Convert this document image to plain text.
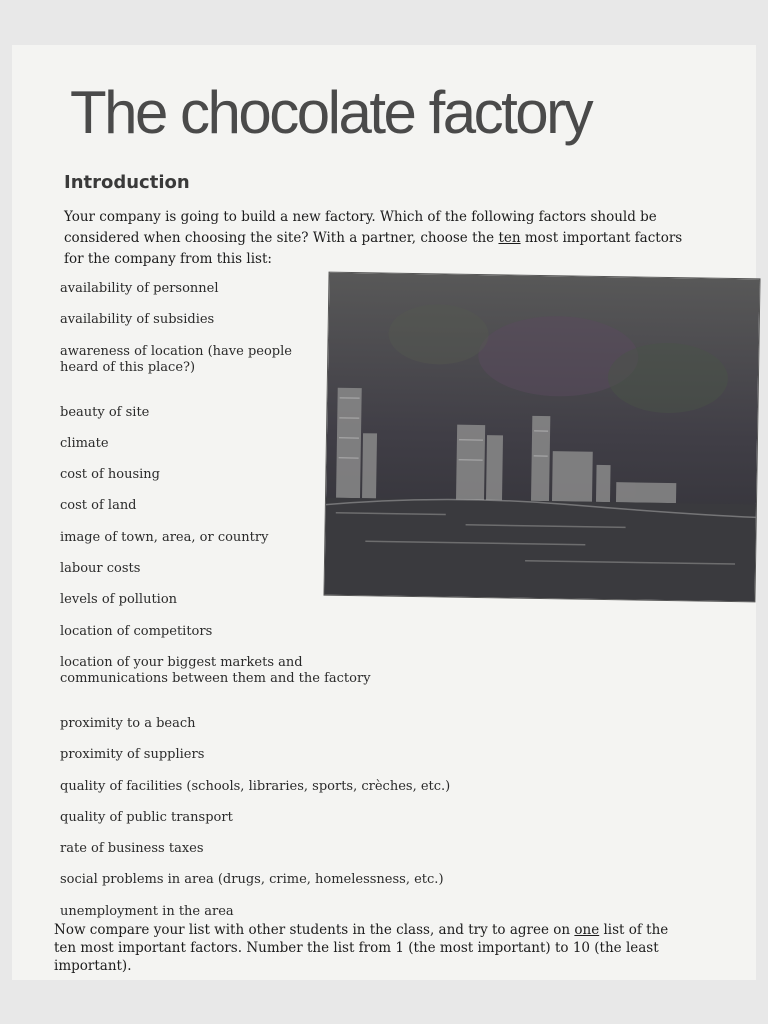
The chocolate factory
Introduction

Your company is going to build a new factory. Which of the following factors should be considered when choosing the site? With a partner, choose the ten most important factors for the company from this list:

availability of personnel
availability of subsidies
awareness of location (have people heard of this place?)
beauty of site
climate
cost of housing
cost of land
image of town, area, or country
labour costs
levels of pollution
location of competitors
location of your biggest markets and communications between them and the factory
proximity to a beach
proximity of suppliers
quality of facilities (schools, libraries, sports, crèches, etc.)
quality of public transport
rate of business taxes
social problems in area (drugs, crime, homelessness, etc.)
unemployment in the area

Now compare your list with other students in the class, and try to agree on one list of the ten most important factors. Number the list from 1 (the most important) to 10 (the least important).
